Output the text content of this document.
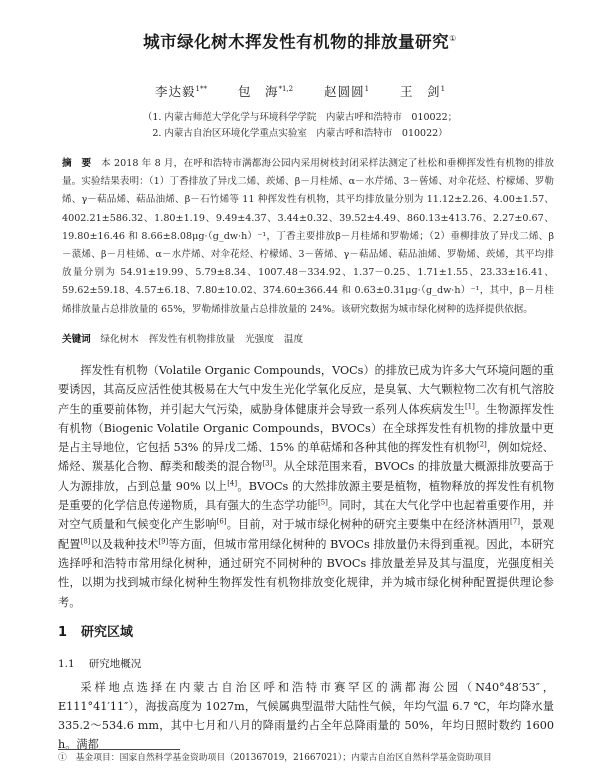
城市绿化树木挥发性有机物的排放量研究①
李达毅$^{1**}$ 包　海$^{*1,2}$ 赵圆圆$^1$ 王　剑$^1$
（1. 内蒙古师范大学化学与环境科学学院　内蒙古呼和浩特市　010022；
2. 内蒙古自治区环境化学重点实验室　内蒙古呼和浩特市　010022）
摘　要　 本 2018 年 8 月，在呼和浩特市满都海公园内采用树枝封闭采样法测定了杜松和垂柳挥发性有机物的排放量。实验结果表明：（1）丁香排放了异戊二烯、莰烯、β－月桂烯、α－水芹烯、3－蒈烯、对伞花烃、柠檬烯、罗勒烯、γ－萜品烯、萜品油烯、β－石竹烯等 11 种挥发性有机物，其平均排放量分别为 11.12±2.26、4.00±1.57、4002.21±586.32、1.80±1.19、9.49±4.37、3.44±0.32、39.52±4.49、860.13±413.76、2.27±0.67、19.80±16.46 和 8.66±8.08μg·（g_dw·h）⁻¹，丁香主要排放β－月桂烯和罗勒烯；（2）垂柳排放了异戊二烯、β－蒎烯、β－月桂烯、α－水芹烯、对伞花烃、柠檬烯、3－蒈烯、γ－萜品烯、萜品油烯、罗勒烯、莰烯，其平均排放量分别为 54.91±19.99、5.79±8.34、1007.48－334.92、1.37－0.25、1.71±1.55、23.33±16.41、59.62±59.18、4.57±6.18、7.80±10.02、374.60±366.44 和 0.63±0.31μg·（g_dw·h）⁻¹，其中，β－月桂烯排放量占总排放量的 65%，罗勒烯排放量占总排放量的 24%。该研究数据为城市绿化树种的选择提供依据。
关键词　 绿化树木 挥发性有机物排放量 光强度 温度

挥发性有机物（Volatile Organic Compounds，VOCs）的排放已成为许多大气环境问题的重要诱因，其高反应活性使其极易在大气中发生光化学氧化反应，是臭氧、大气颗粒物二次有机气溶胶产生的重要前体物，并引起大气污染，威胁身体健康并会导致一系列人体疾病发生[1]。生物源挥发性有机物（Biogenic Volatile Organic Compounds，BVOCs）在全球挥发性有机物的排放量中更是占主导地位，它包括 53% 的异戊二烯、15% 的单萜烯和各种其他的挥发性有机物[2]，例如烷烃、烯烃、羰基化合物、醇类和酸类的混合物[3]。从全球范围来看，BVOCs 的排放量大概源排放要高于人为源排放，占到总量 90% 以上[4]。BVOCs 的大然排放源主要是植物，植物释放的挥发性有机物是重要的化学信息传递物质，具有强大的生态学功能[5]。同时，其在大气化学中也起着重要作用，并对空气质量和气候变化产生影响[6]。目前，对于城市绿化树种的研究主要集中在经济林酒用[7]，景观配置[8]以及栽种技术[9]等方面，但城市常用绿化树种的 BVOCs 排放量仍未得到重视。因此，本研究选择呼和浩特市常用绿化树种，通过研究不同树种的 BVOCs 排放量差异及其与温度，光强度相关性，以期为找到城市绿化树种生物挥发性有机物排放变化规律，并为城市绿化树种配置提供理论参考。

1 研究区域
1.1 研究地概况

采样地点选择在内蒙古自治区呼和浩特市赛罕区的满都海公园（N40°48′53″，E111°41′11″），海拔高度为 1027m，气候属典型温带大陆性气候，年均气温 6.7 ℃，年均降水量 335.2～534.6 mm，其中七月和八月的降雨量约占全年总降雨量的 50%，年均日照时数约 1600 h。满都

①　基金项目：国家自然科学基金资助项目（201367019，21667021）；内蒙古自治区自然科学基金资助项目
